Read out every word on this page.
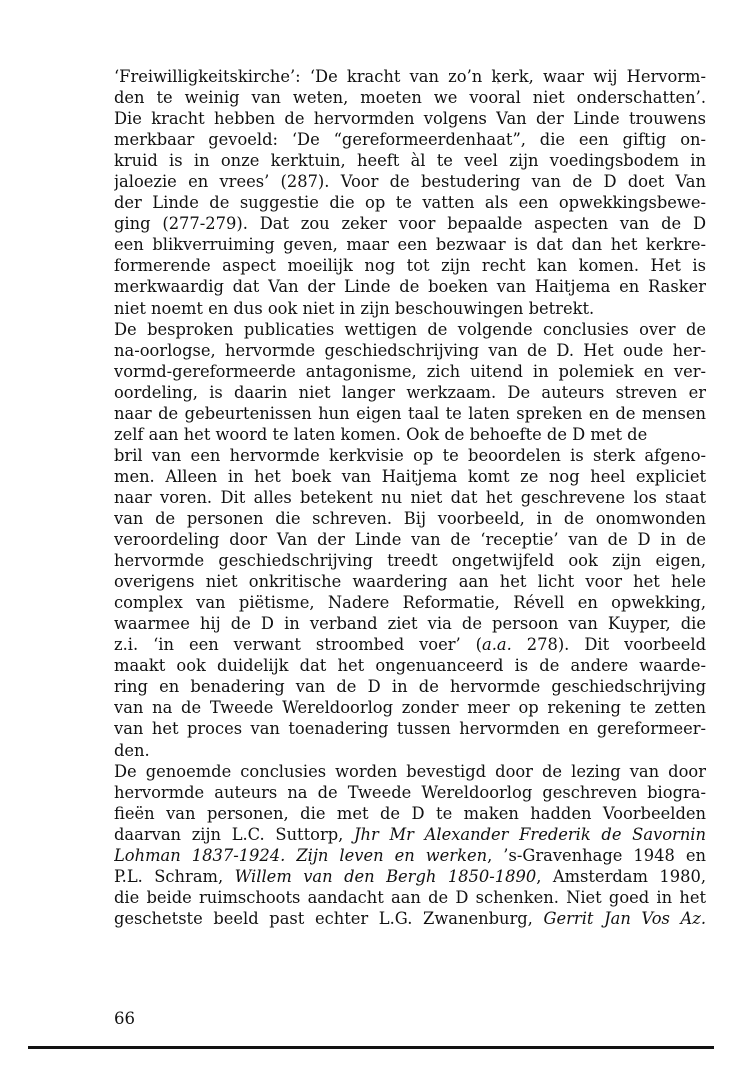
‘Freiwilligkeitskirche’: ‘De kracht van zo’n kerk, waar wij Hervorm-
den te weinig van weten, moeten we vooral niet onderschatten’.
Die kracht hebben de hervormden volgens Van der Linde trouwens
merkbaar gevoeld: ‘De “gereformeerdenhaat”, die een giftig on-
kruid is in onze kerktuin, heeft àl te veel zijn voedingsbodem in
jaloezie en vrees’ (287). Voor de bestudering van de D doet Van
der Linde de suggestie die op te vatten als een opwekkingsbewe-
ging (277-279). Dat zou zeker voor bepaalde aspecten van de D
een blikverruiming geven, maar een bezwaar is dat dan het kerkre-
formerende aspect moeilijk nog tot zijn recht kan komen. Het is
merkwaardig dat Van der Linde de boeken van Haitjema en Rasker
niet noemt en dus ook niet in zijn beschouwingen betrekt.
De besproken publicaties wettigen de volgende conclusies over de
na-oorlogse, hervormde geschiedschrijving van de D. Het oude her-
vormd-gereformeerde antagonisme, zich uitend in polemiek en ver-
oordeling, is daarin niet langer werkzaam. De auteurs streven er
naar de gebeurtenissen hun eigen taal te laten spreken en de mensen
zelf aan het woord te laten komen. Ook de behoefte de D met de
bril van een hervormde kerkvisie op te beoordelen is sterk afgeno-
men. Alleen in het boek van Haitjema komt ze nog heel expliciet
naar voren. Dit alles betekent nu niet dat het geschrevene los staat
van de personen die schreven. Bij voorbeeld, in de onomwonden
veroordeling door Van der Linde van de ‘receptie’ van de D in de
hervormde geschiedschrijving treedt ongetwijfeld ook zijn eigen,
overigens niet onkritische waardering aan het licht voor het hele
complex van piëtisme, Nadere Reformatie, Révell en opwekking,
waarmee hij de D in verband ziet via de persoon van Kuyper, die
z.i. ‘in een verwant stroombed voer’ (a.a. 278). Dit voorbeeld
maakt ook duidelijk dat het ongenuanceerd is de andere waarde-
ring en benadering van de D in de hervormde geschiedschrijving
van na de Tweede Wereldoorlog zonder meer op rekening te zetten
van het proces van toenadering tussen hervormden en gereformeer-
den.
De genoemde conclusies worden bevestigd door de lezing van door
hervormde auteurs na de Tweede Wereldoorlog geschreven biogra-
fieën van personen, die met de D te maken hadden Voorbeelden
daarvan zijn L.C. Suttorp, Jhr Mr Alexander Frederik de Savornin
Lohman 1837-1924. Zijn leven en werken, ’s-Gravenhage 1948 en
P.L. Schram, Willem van den Bergh 1850-1890, Amsterdam 1980,
die beide ruimschoots aandacht aan de D schenken. Niet goed in het
geschetste beeld past echter L.G. Zwanenburg, Gerrit Jan Vos Az.
66
